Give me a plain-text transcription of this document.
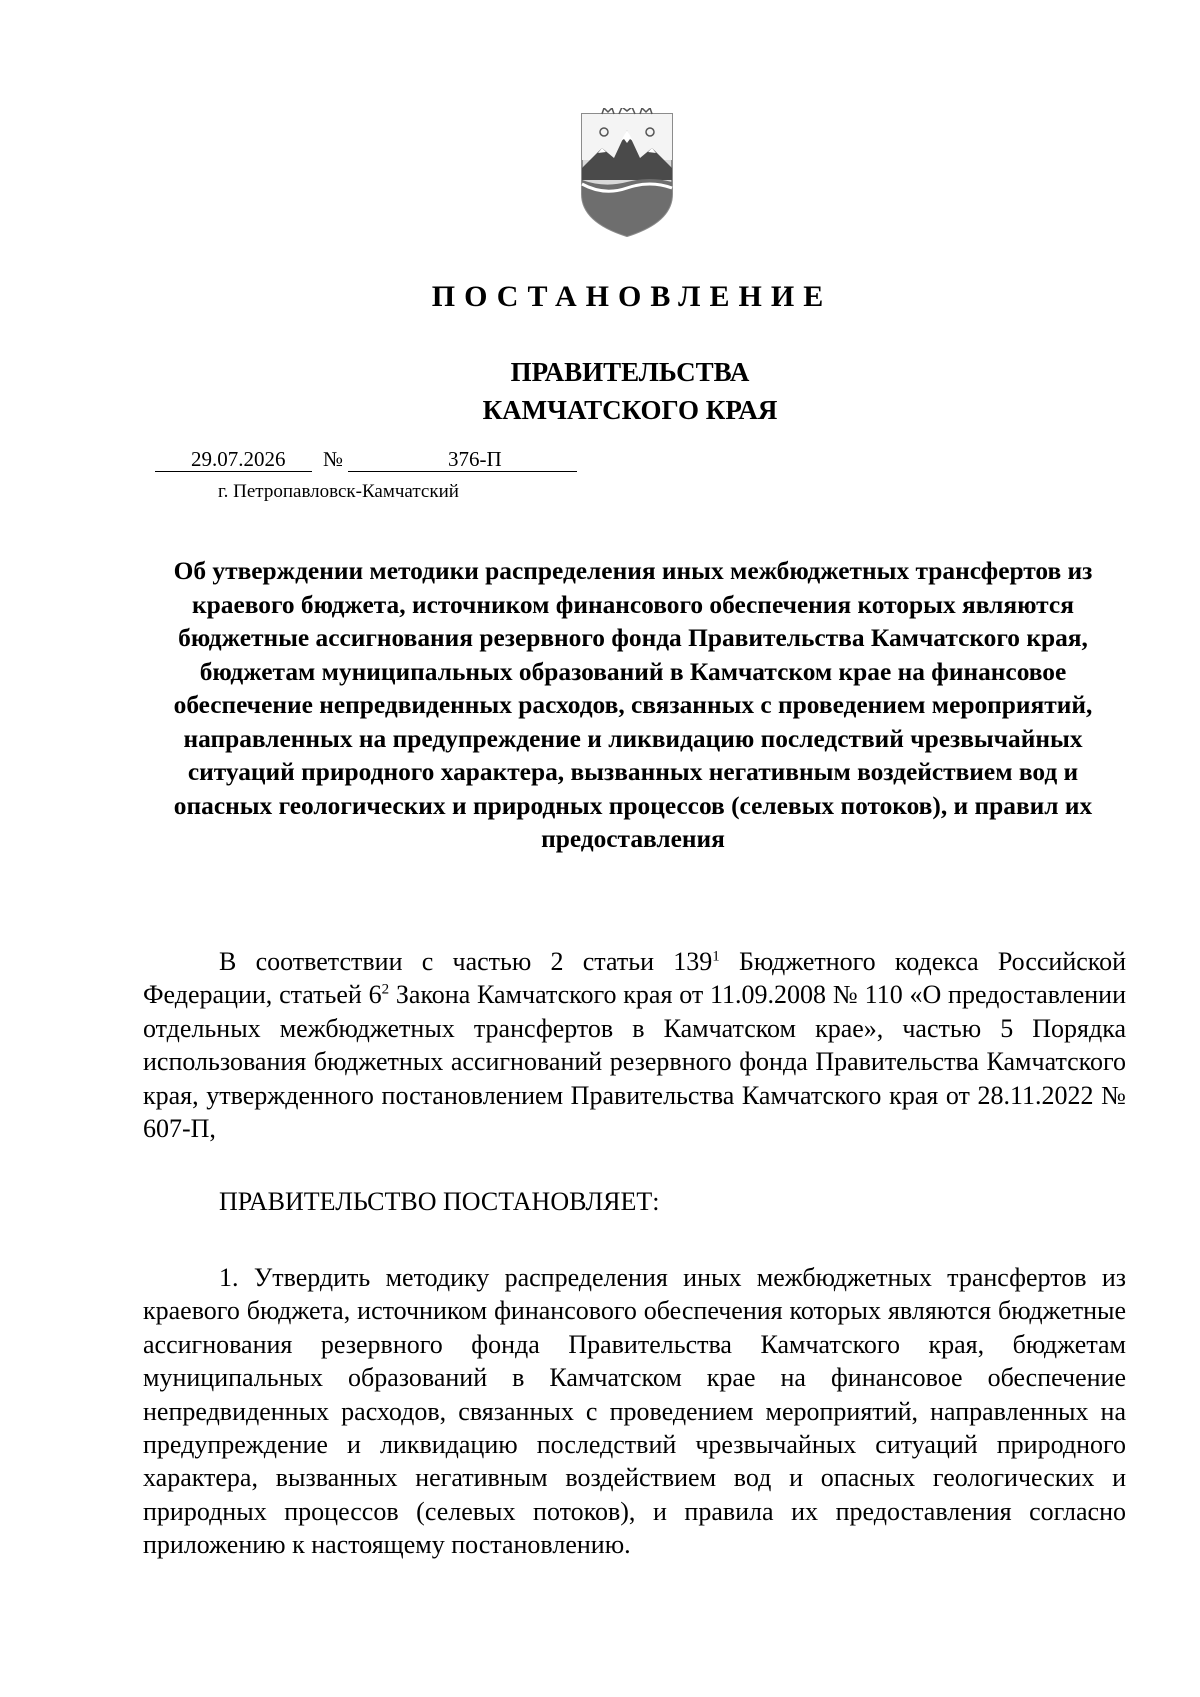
ПОСТАНОВЛЕНИЕ
ПРАВИТЕЛЬСТВА
КАМЧАТСКОГО КРАЯ
29.07.2026 №	376-П
г. Петропавловск-Камчатский
Об утверждении методики распределения иных межбюджетных трансфертов из краевого бюджета, источником финансового обеспечения которых являются бюджетные ассигнования резервного фонда Правительства Камчатского края, бюджетам муниципальных образований в Камчатском крае на финансовое обеспечение непредвиденных расходов, связанных с проведением мероприятий, направленных на предупреждение и ликвидацию последствий чрезвычайных ситуаций природного характера, вызванных негативным воздействием вод и опасных геологических и природных процессов (селевых потоков), и правил их предоставления

В соответствии с частью 2 статьи $139^1$ Бюджетного кодекса Российской Федерации, статьей $6^2$ Закона Камчатского края от 11.09.2008 № 110 «О предоставлении отдельных межбюджетных трансфертов в Камчатском крае», частью 5 Порядка использования бюджетных ассигнований резервного фонда Правительства Камчатского края, утвержденного постановлением Правительства Камчатского края от 28.11.2022 № 607-П,

ПРАВИТЕЛЬСТВО ПОСТАНОВЛЯЕТ:

1. Утвердить методику распределения иных межбюджетных трансфертов из краевого бюджета, источником финансового обеспечения которых являются бюджетные ассигнования резервного фонда Правительства Камчатского края, бюджетам муниципальных образований в Камчатском крае на финансовое обеспечение непредвиденных расходов, связанных с проведением мероприятий, направленных на предупреждение и ликвидацию последствий чрезвычайных ситуаций природного характера, вызванных негативным воздействием вод и опасных геологических и природных процессов (селевых потоков), и правила их предоставления согласно приложению к настоящему постановлению.
